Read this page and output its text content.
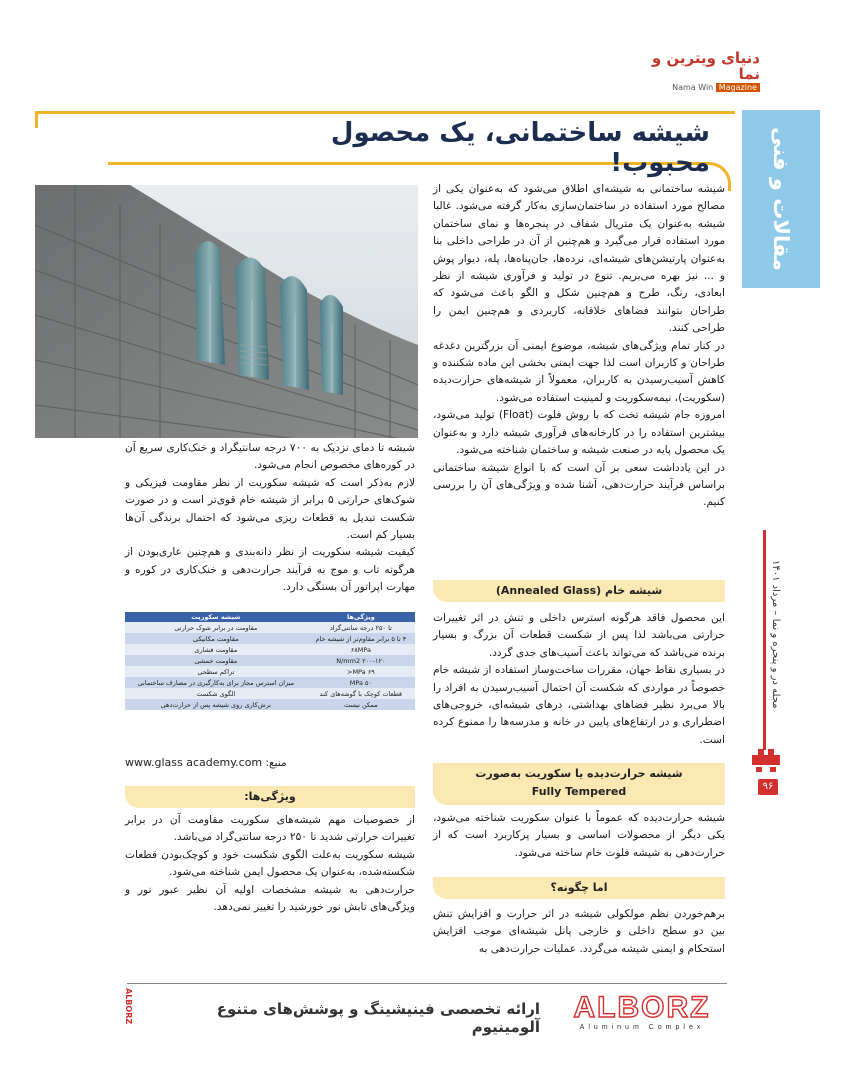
دنیای ویترین و نما
Nama Win Magazine
مقالات و فنی
مجله در و پنجره و نما – مرداد ۱۴۰۱
۹۶
شیشه ساختمانی، یک محصول محبوب!

شیشه ساختمانی به شیشه‌ای اطلاق می‌شود که به‌عنوان یکی از مصالح مورد استفاده در ساختمان‌سازی به‌کار گرفته می‌شود. غالبا شیشه به‌عنوان یک متریال شفاف در پنجره‌ها و نمای ساختمان مورد استفاده قرار می‌گیرد و هم‌چنین از آن در طراحی داخلی بنا به‌عنوان پارتیشن‌های شیشه‌ای، نرده‌ها، جان‌پناه‌ها، پله، دیوار پوش و ... نیز بهره می‌بریم. تنوع در تولید و فرآوری شیشه از نظر ابعادی، رنگ، طرح و هم‌چنین شکل و الگو باعث می‌شود که طراحان بتوانند فضاهای خلاقانه، کاربردی و هم‌چنین ایمن را طراحی کنند.

در کنار تمام ویژگی‌های شیشه، موضوع ایمنی آن بزرگترین دغدغه طراحان و کاربران است لذا جهت ایمنی بخشی این ماده شکننده و کاهش آسیب‌رسیدن به کاربران، معمولاً از شیشه‌های حرارت‌دیده (سکوریت)، نیمه‌سکوریت و لمینیت استفاده می‌شود.

امروزه جام شیشه تخت که با روش فلوت (Float) تولید می‌شود، بیشترین استفاده را در کارخانه‌های فرآوری شیشه دارد و به‌عنوان یک محصول پایه در صنعت شیشه و ساختمان شناخته می‌شود.

در این یادداشت سعی بر آن است که با انواع شیشه ساختمانی براساس فرآیند حرارت‌دهی، آشنا شده و ویژگی‌های آن را بررسی کنیم.

شیشه خام (Annealed Glass)

این محصول فاقد هرگونه استرس داخلی و تنش در اثر تغییرات حرارتی می‌باشد لذا پس از شکست قطعات آن بزرگ و بسیار برنده می‌باشد که می‌تواند باعث آسیب‌های جدی گردد.

در بسیاری نقاط جهان، مقررات ساخت‌وساز استفاده از شیشه خام خصوصاً در مواردی که شکست آن احتمال آسیب‌رسیدن به افراد را بالا می‌برد نظیر فضاهای بهداشتی، درهای شیشه‌ای، خروجی‌های اضطراری و در ارتفاع‌های پایین در خانه و مدرسه‌ها را ممنوع کرده است.

شیشه حرارت‌دیده یا سکوریت به‌صورت
Fully Tempered

شیشه حرارت‌دیده که عموماً با عنوان سکوریت شناخته می‌شود، یکی دیگر از محصولات اساسی و بسیار پرکاربرد است که از حرارت‌دهی به شیشه فلوت خام ساخته می‌شود.

اما چگونه؟

برهم‌خوردن نظم مولکولی شیشه در اثر حرارت و افزایش تنش بین دو سطح داخلی و خارجی پانل شیشه‌ای موجب افزایش استحکام و ایمنی شیشه می‌گردد. عملیات حرارت‌دهی به

شیشه تا دمای نزدیک به ۷۰۰ درجه سانتیگراد و خنک‌کاری سریع آن در کوره‌های مخصوص انجام می‌شود.

لازم به‌ذکر است که شیشه سکوریت از نظر مقاومت فیزیکی و شوک‌های حرارتی ۵ برابر از شیشه خام قوی‌تر است و در صورت شکست تبدیل به قطعات ریزی می‌شود که احتمال برندگی آن‌ها بسیار کم است.

کیفیت شیشه سکوریت از نظر دانه‌بندی و هم‌چنین عاری‌بودن از هرگونه تاب و موج به فرآیند حرارت‌دهی و خنک‌کاری در کوره و مهارت اپراتور آن بستگی دارد.

ویژگی‌ها	شیشه سکوریت
تا ۲۵۰ درجه سانتی‌گراد	مقاومت در برابر شوک حرارتی
۴ تا ۵ برابر مقاوم‌تر از شیشه خام	مقاومت مکانیکی
۶۸MPa	مقاومت فشاری
N/mm2 ۲۰۰-۱۲۰	مقاومت خمشی
۶۹ MPa<	تراکم سطحی
۵۰ MPa	میزان استرس مجاز برای به‌کارگیری در مصارف ساختمانی
قطعات کوچک با گوشه‌های کند	الگوی شکست
ممکن نیست	برش‌کاری روی شیشه پس از حرارت‌دهی
منبع: www.glass academy.com
ویژگی‌ها:

از خصوصیات مهم شیشه‌های سکوریت مقاومت آن در برابر تغییرات حرارتی شدید تا ۲۵۰ درجه سانتی‌گراد می‌باشد.

شیشه سکوریت به‌علت الگوی شکست خود و کوچک‌بودن قطعات شکسته‌شده، به‌عنوان یک محصول ایمن شناخته می‌شود.

حرارت‌دهی به شیشه مشخصات اولیه آن نظیر عبور نور و ویژگی‌های تابش نور خورشید را تغییر نمی‌دهد.

ALBORZ
Aluminum Complex
ارائه تخصصی فینیشینگ و پوشش‌های متنوع آلومینیوم
ALBORZ
